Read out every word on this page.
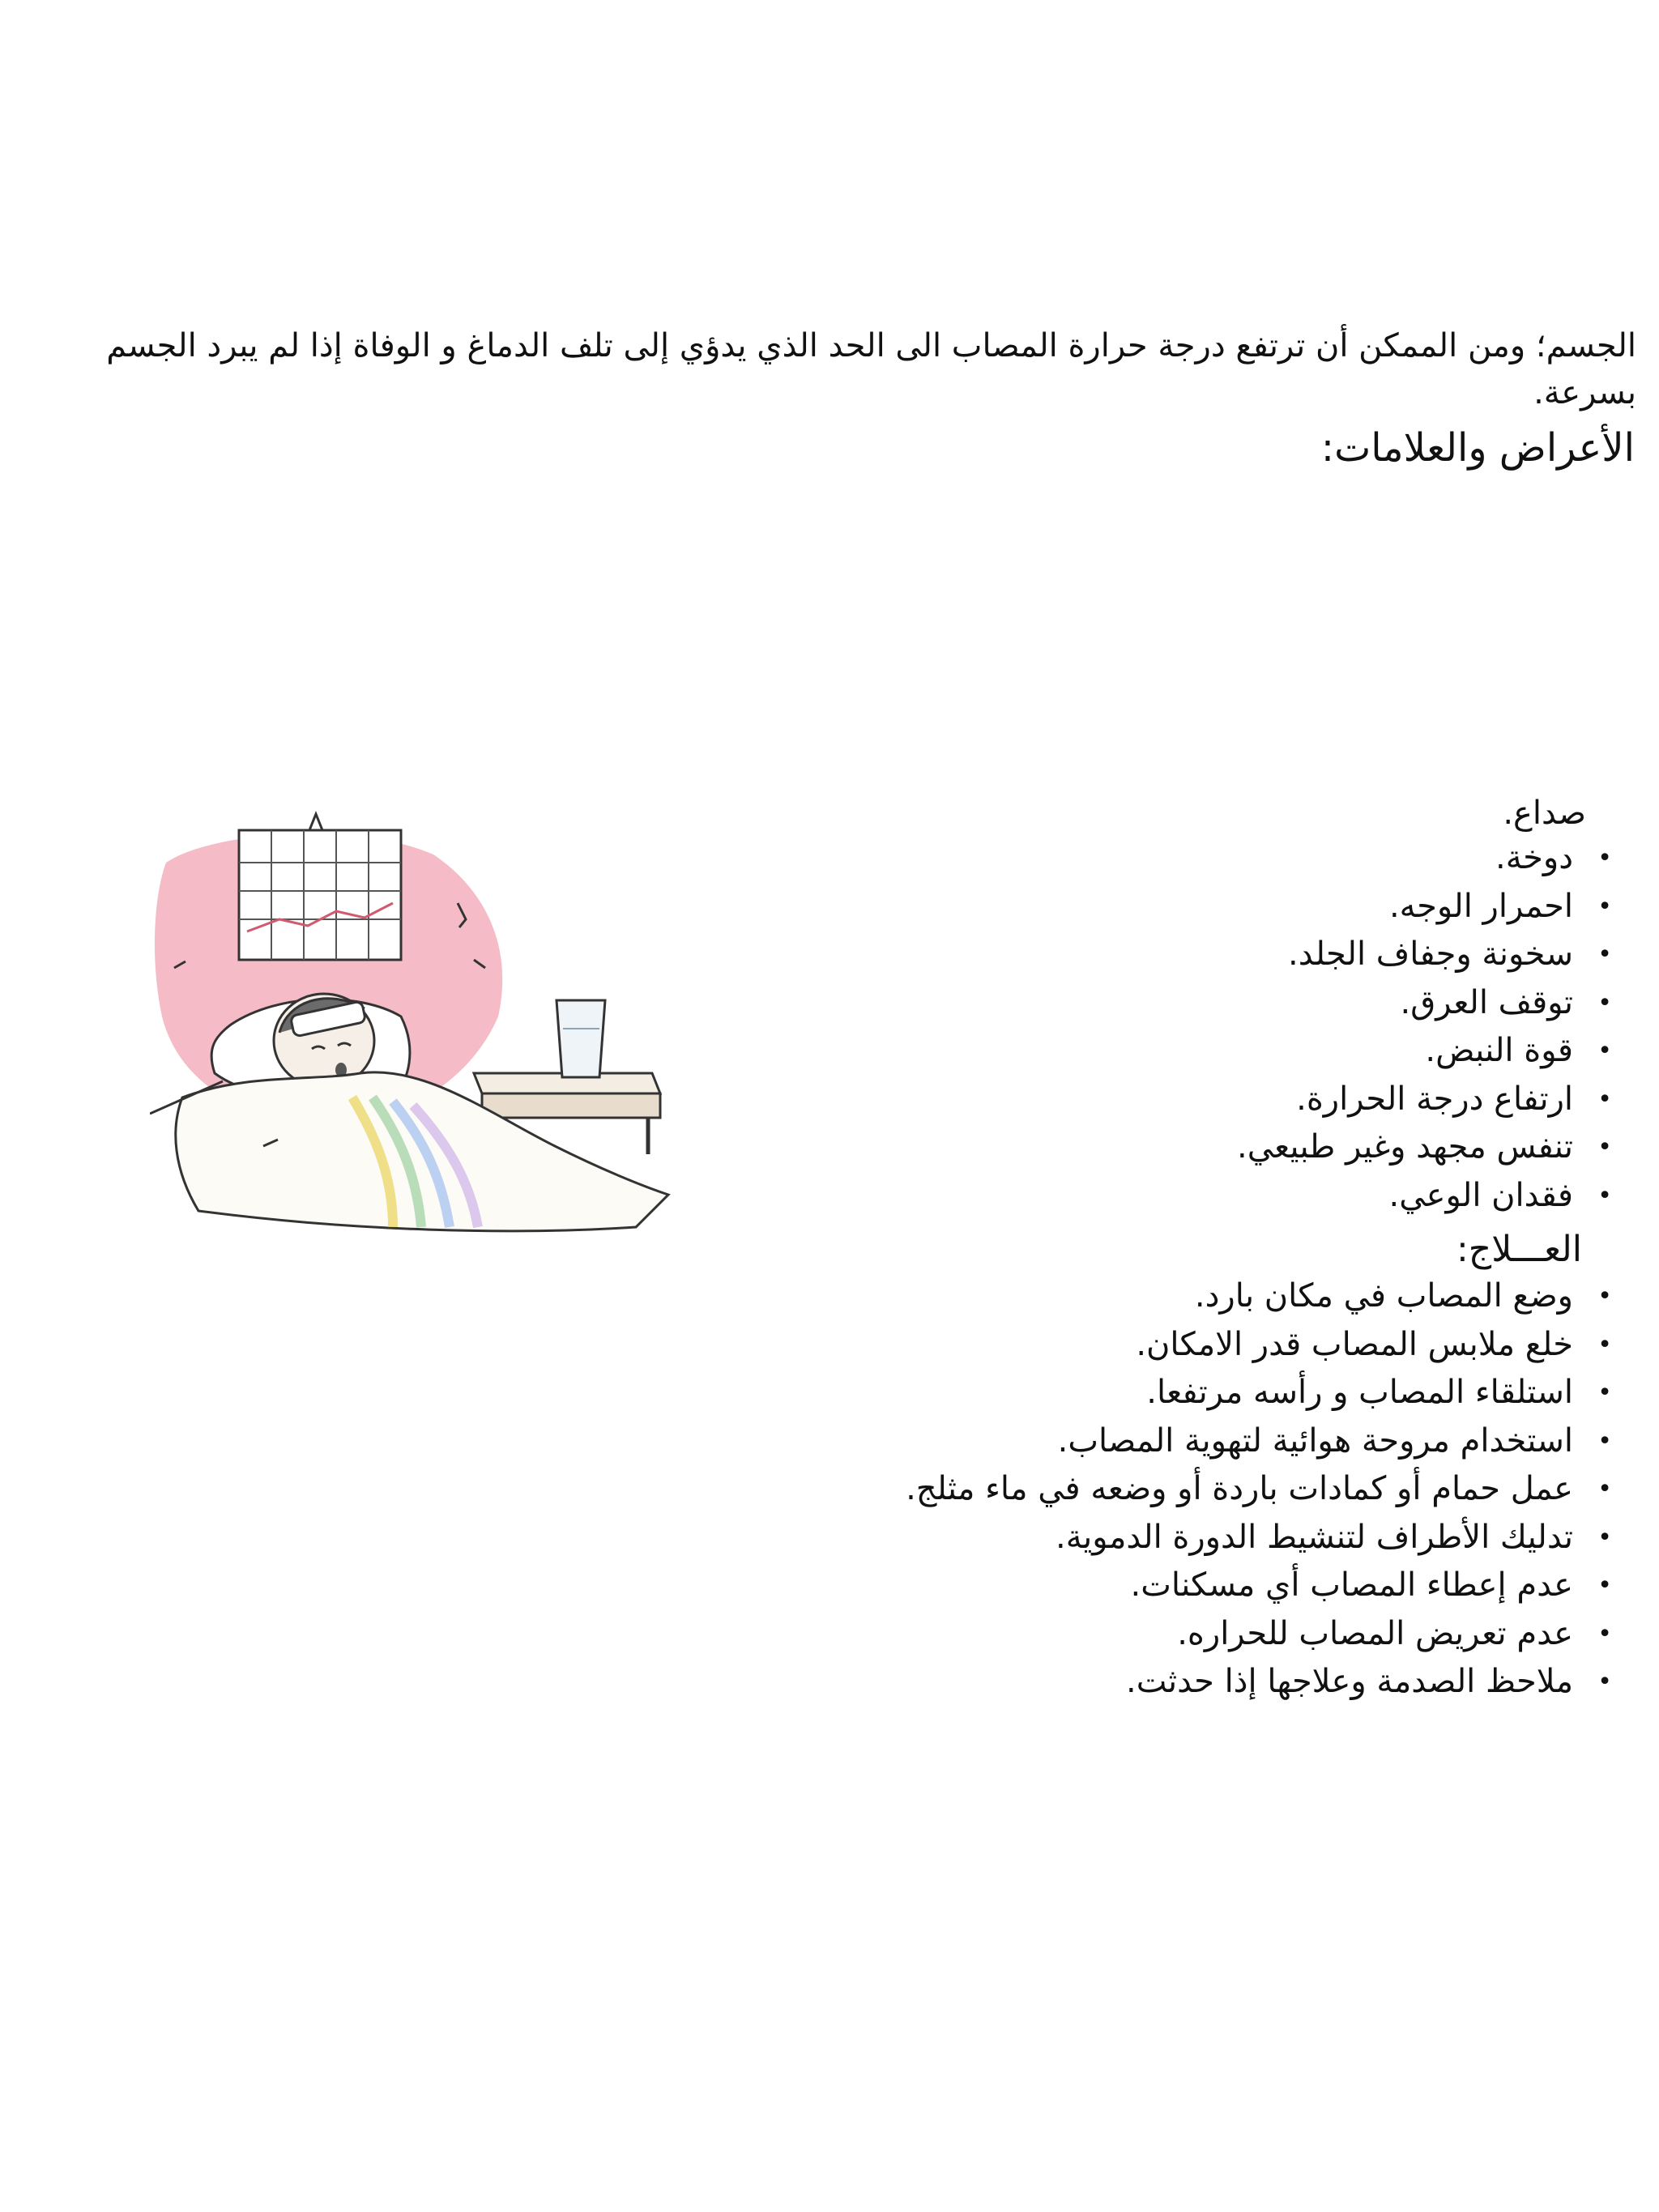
الجسم؛ ومن الممكن أن ترتفع درجة حرارة المصاب الى الحد الذي يدؤي إلى تلف الدماغ و الوفاة إذا لم يبرد الجسم بسرعة.
الأعراض والعلامات:
صداع.
•
دوخة.
•
احمرار الوجه.
•
سخونة وجفاف الجلد.
•
توقف العرق.
•
قوة النبض.
•
ارتفاع درجة الحرارة.
•
تنفس مجهد وغير طبيعي.
•
فقدان الوعي.
العـــلاج:
•
وضع المصاب في مكان بارد.
•
خلع ملابس المصاب قدر الامكان.
•
استلقاء المصاب و رأسه مرتفعا.
•
استخدام مروحة هوائية لتهوية المصاب.
•
عمل حمام أو كمادات باردة أو وضعه في ماء مثلج.
•
تدليك الأطراف لتنشيط الدورة الدموية.
•
عدم إعطاء المصاب أي مسكنات.
•
عدم تعريض المصاب للحراره.
•
ملاحظ الصدمة وعلاجها إذا حدثت.
